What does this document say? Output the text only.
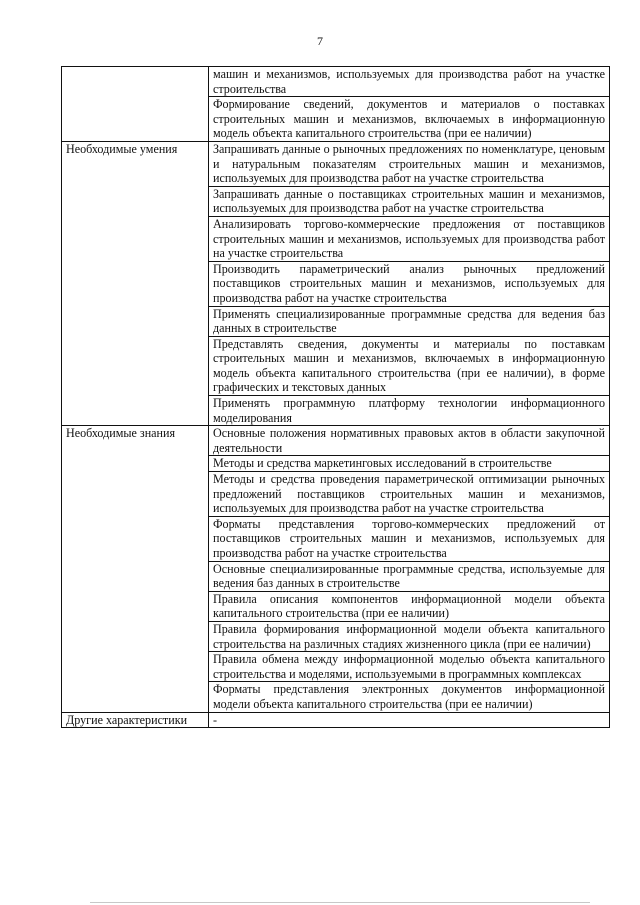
7
	машин и механизмов, используемых для производства работ на участке строительства
	Формирование сведений, документов и материалов о поставках строительных машин и механизмов, включаемых в информационную модель объекта капитального строительства (при ее наличии)
Необходимые умения	Запрашивать данные о рыночных предложениях по номенклатуре, ценовым и натуральным показателям строительных машин и механизмов, используемых для производства работ на участке строительства
	Запрашивать данные о поставщиках строительных машин и механизмов, используемых для производства работ на участке строительства
	Анализировать торгово-коммерческие предложения от поставщиков строительных машин и механизмов, используемых для производства работ на участке строительства
	Производить параметрический анализ рыночных предложений поставщиков строительных машин и механизмов, используемых для производства работ на участке строительства
	Применять специализированные программные средства для ведения баз данных в строительстве
	Представлять сведения, документы и материалы по поставкам строительных машин и механизмов, включаемых в информационную модель объекта капитального строительства (при ее наличии), в форме графических и текстовых данных
	Применять программную платформу технологии информационного моделирования
Необходимые знания	Основные положения нормативных правовых актов в области закупочной деятельности
	Методы и средства маркетинговых исследований в строительстве
	Методы и средства проведения параметрической оптимизации рыночных предложений поставщиков строительных машин и механизмов, используемых для производства работ на участке строительства
	Форматы представления торгово-коммерческих предложений от поставщиков строительных машин и механизмов, используемых для производства работ на участке строительства
	Основные специализированные программные средства, используемые для ведения баз данных в строительстве
	Правила описания компонентов информационной модели объекта капитального строительства (при ее наличии)
	Правила формирования информационной модели объекта капитального строительства на различных стадиях жизненного цикла (при ее наличии)
	Правила обмена между информационной моделью объекта капитального строительства и моделями, используемыми в программных комплексах
	Форматы представления электронных документов информационной модели объекта капитального строительства (при ее наличии)
Другие характеристики	-
